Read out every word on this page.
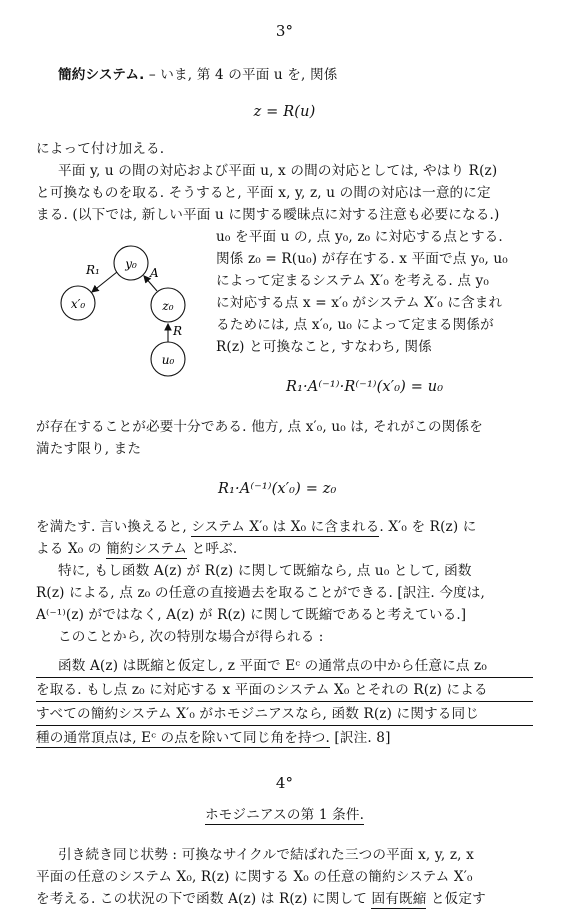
3°

簡約システム. – いま, 第 4 の平面 u を, 関係

z = R(u)

によって付け加える.

平面 y, u の間の対応および平面 u, x の間の対応としては, やはり R(z)

と可換なものを取る. そうすると, 平面 x, y, z, u の間の対応は一意的に定

まる. (以下では, 新しい平面 u に関する曖昧点に対する注意も必要になる.)

y₀
x′₀	z₀
u₀
R₁	A
R

u₀ を平面 u の, 点 y₀, z₀ に対応する点とする.

関係 z₀ = R(u₀) が存在する. x 平面で点 y₀, u₀

によって定まるシステム X′₀ を考える. 点 y₀

に対応する点 x = x′₀ がシステム X′₀ に含まれ

るためには, 点 x′₀, u₀ によって定まる関係が

R(z) と可換なこと, すなわち, 関係

R₁·A⁽⁻¹⁾·R⁽⁻¹⁾(x′₀) = u₀

が存在することが必要十分である. 他方, 点 x′₀, u₀ は, それがこの関係を

満たす限り, また

R₁·A⁽⁻¹⁾(x′₀) = z₀

を満たす. 言い換えると, システム X′₀ は X₀ に含まれる. X′₀ を R(z) に

よる X₀ の 簡約システム と呼ぶ.

特に, もし函数 A(z) が R(z) に関して既縮なら, 点 u₀ として, 函数

R(z) による, 点 z₀ の任意の直接過去を取ることができる. [訳注. 今度は,

A⁽⁻¹⁾(z) がではなく, A(z) が R(z) に関して既縮であると考えている.]

このことから, 次の特別な場合が得られる :

函数 A(z) は既縮と仮定し, z 平面で Eᶜ の通常点の中から任意に点 z₀

を取る. もし点 z₀ に対応する x 平面のシステム X₀ とそれの R(z) による

すべての簡約システム X′₀ がホモジニアスなら, 函数 R(z) に関する同じ

種の通常頂点は, Eᶜ の点を除いて同じ角を持つ. [訳注. 8]

4°

ホモジニアスの第 1 条件.

引き続き同じ状勢 : 可換なサイクルで結ばれた三つの平面 x, y, z, x

平面の任意のシステム X₀, R(z) に関する X₀ の任意の簡約システム X′₀

を考える. この状況の下で函数 A(z) は R(z) に関して 固有既縮 と仮定す
